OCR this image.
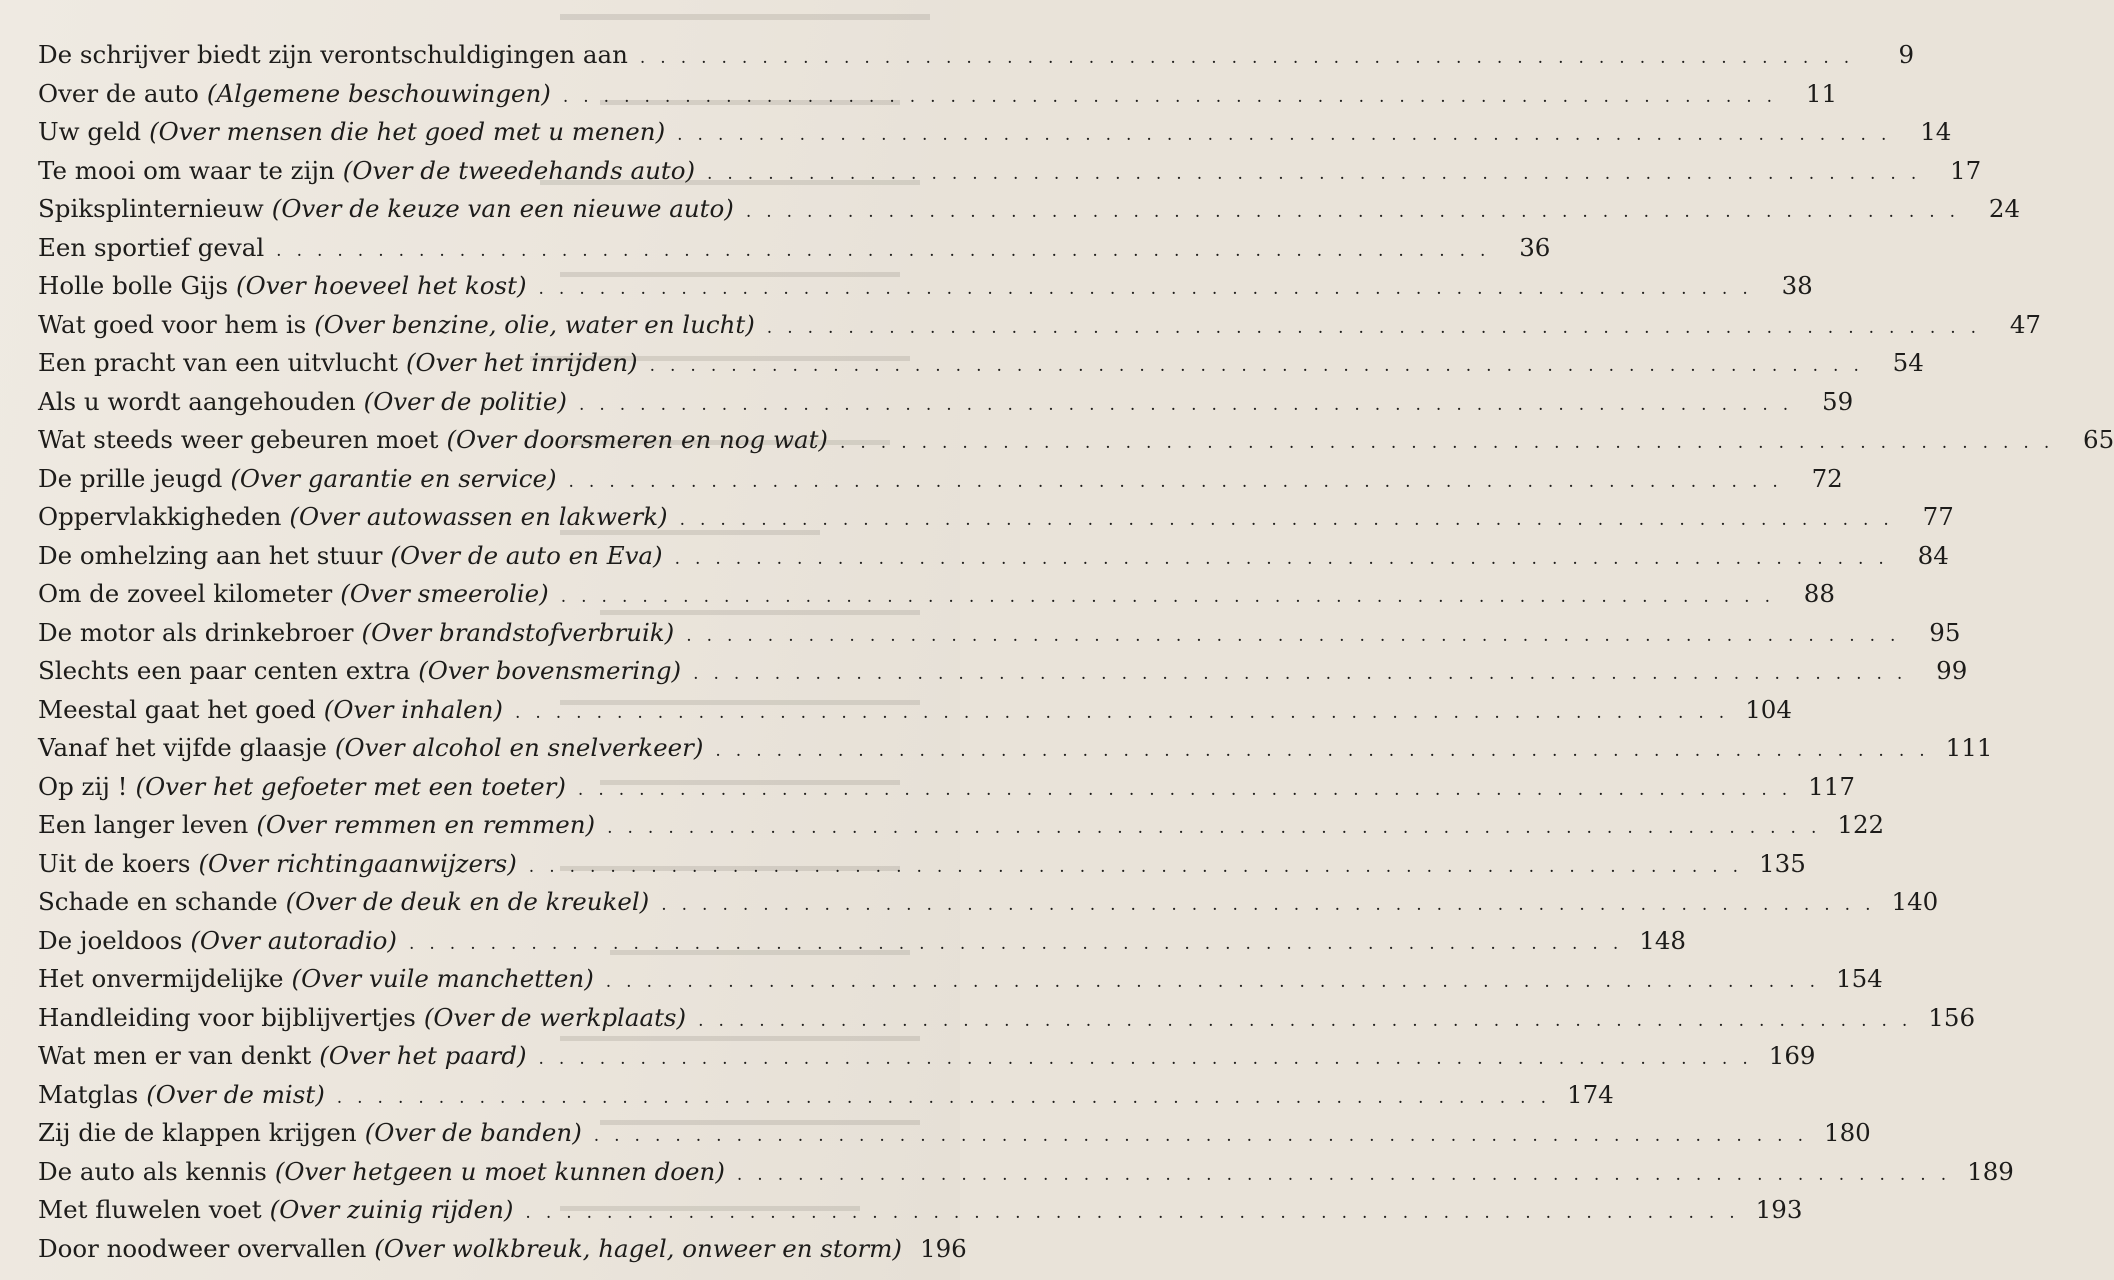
De schrijver biedt zijn verontschuldigingen aan ............................................................	9
Over de auto (Algemene beschouwingen) ............................................................ 11
Uw geld (Over mensen die het goed met u menen) ............................................................ 14
Te mooi om waar te zijn (Over de tweedehands auto) ............................................................ 17
Spiksplinternieuw (Over de keuze van een nieuwe auto) ............................................................ 24
Een sportief geval ............................................................ 36
Holle bolle Gijs (Over hoeveel het kost) ............................................................ 38
Wat goed voor hem is (Over benzine, olie, water en lucht) ............................................................ 47
Een pracht van een uitvlucht (Over het inrijden) ............................................................ 54
Als u wordt aangehouden (Over de politie) ............................................................ 59
Wat steeds weer gebeuren moet (Over doorsmeren en nog wat) ............................................................ 65
De prille jeugd (Over garantie en service) ............................................................ 72
Oppervlakkigheden (Over autowassen en lakwerk) ............................................................ 77
De omhelzing aan het stuur (Over de auto en Eva) ............................................................ 84
Om de zoveel kilometer (Over smeerolie) ............................................................ 88
De motor als drinkebroer (Over brandstofverbruik) ............................................................ 95
Slechts een paar centen extra (Over bovensmering) ............................................................ 99
Meestal gaat het goed (Over inhalen) ............................................................ 104
Vanaf het vijfde glaasje (Over alcohol en snelverkeer) ............................................................ 111
Op zij ! (Over het gefoeter met een toeter) ............................................................ 117
Een langer leven (Over remmen en remmen) ............................................................ 122
Uit de koers (Over richtingaanwijzers) ............................................................ 135
Schade en schande (Over de deuk en de kreukel) ............................................................ 140
De joeldoos (Over autoradio) ............................................................ 148
Het onvermijdelijke (Over vuile manchetten) ............................................................ 154
Handleiding voor bijblijvertjes (Over de werkplaats) ............................................................ 156
Wat men er van denkt (Over het paard) ............................................................ 169
Matglas (Over de mist) ............................................................ 174
Zij die de klappen krijgen (Over de banden) ............................................................ 180
De auto als kennis (Over hetgeen u moet kunnen doen) ............................................................ 189
Met fluwelen voet (Over zuinig rijden) ............................................................ 193
Door noodweer overvallen (Over wolkbreuk, hagel, onweer en storm) 196
